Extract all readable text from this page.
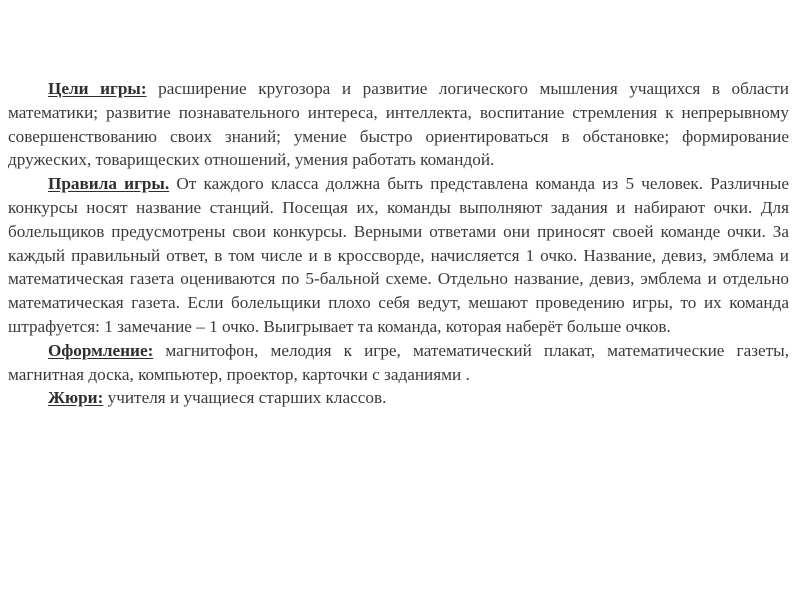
Цели игры: расширение кругозора и развитие логического мышления учащихся в области математики; развитие познавательного интереса, интеллекта, воспитание стремления к непрерывному совершенствованию своих знаний; умение быстро ориентироваться в обстановке; формирование дружеских, товарищеских отношений, умения работать командой.

Правила игры. От каждого класса должна быть представлена команда из 5 человек. Различные конкурсы носят название станций. Посещая их, команды выполняют задания и набирают очки. Для болельщиков предусмотрены свои конкурсы. Верными ответами они приносят своей команде очки. За каждый правильный ответ, в том числе и в кроссворде, начисляется 1 очко. Название, девиз, эмблема и математическая газета оцениваются по 5-бальной схеме. Отдельно название, девиз, эмблема и отдельно математическая газета. Если болельщики плохо себя ведут, мешают проведению игры, то их команда штрафуется: 1 замечание – 1 очко. Выигрывает та команда, которая наберёт больше очков.

Оформление: магнитофон, мелодия к игре, математический плакат, математические газеты, магнитная доска, компьютер, проектор, карточки с заданиями .

Жюри: учителя и учащиеся старших классов.
